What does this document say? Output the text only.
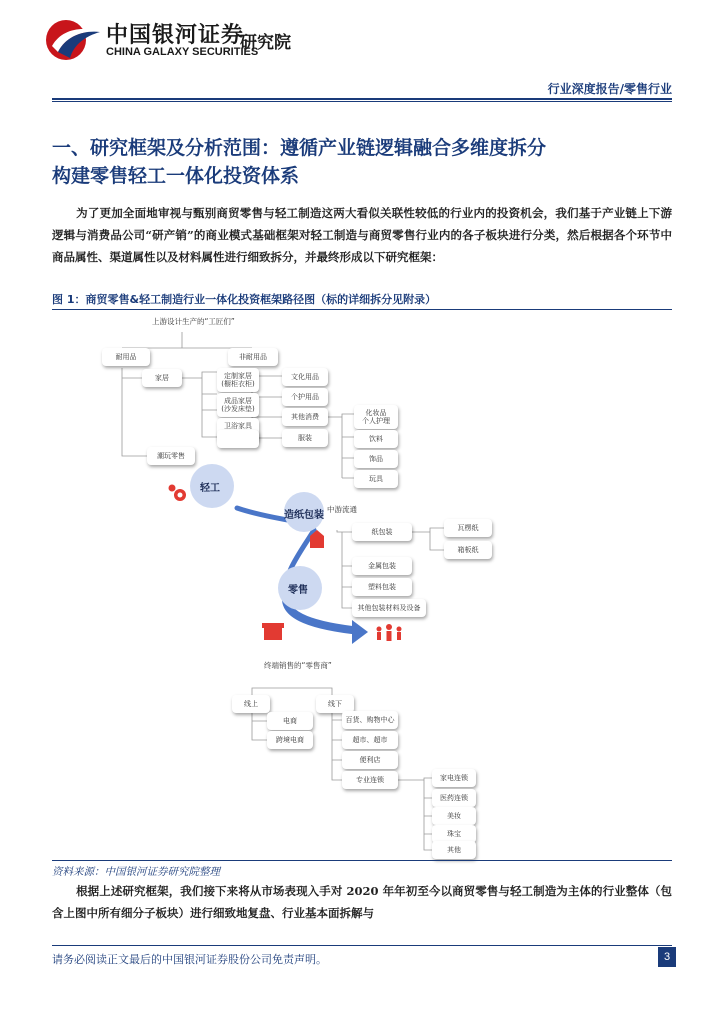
中国银河证券
CHINA GALAXY SECURITIES
研究院
行业深度报告/零售行业
一、研究框架及分析范围：遵循产业链逻辑融合多维度拆分构建零售轻工一体化投资体系
为了更加全面地审视与甄别商贸零售与轻工制造这两大看似关联性较低的行业内的投资机会，我们基于产业链上下游逻辑与消费品公司“研产销”的商业模式基础框架对轻工制造与商贸零售行业内的各子板块进行分类，然后根据各个环节中商品属性、渠道属性以及材料属性进行细致拆分，并最终形成以下研究框架：
图 1：商贸零售&轻工制造行业一体化投资框架路径图（标的详细拆分见附录）
上游设计生产的“工匠们”
中游流通
终端销售的“零售商”
轻工
造纸包装
零售
耐用品	非耐用品
家居	定制家居
(橱柜衣柜)
成品家居
(沙发床垫)
卫浴家具

潮玩零售
文化用品
个护用品
其他消费
服装
化妆品
个人护理
饮料
饰品
玩具
纸包装	瓦楞纸
箱板纸
金属包装
塑料包装
其他包装材料及设备
线上	线下
电商
跨境电商
百货、购物中心
超市、超市
便利店
专业连锁	家电连锁
医药连锁
美妆
珠宝
其他
资料来源：中国银河证券研究院整理
根据上述研究框架，我们接下来将从市场表现入手对 2020 年年初至今以商贸零售与轻工制造为主体的行业整体（包含上图中所有细分子板块）进行细致地复盘、行业基本面拆解与
请务必阅读正文最后的中国银河证券股份公司免责声明。	3
